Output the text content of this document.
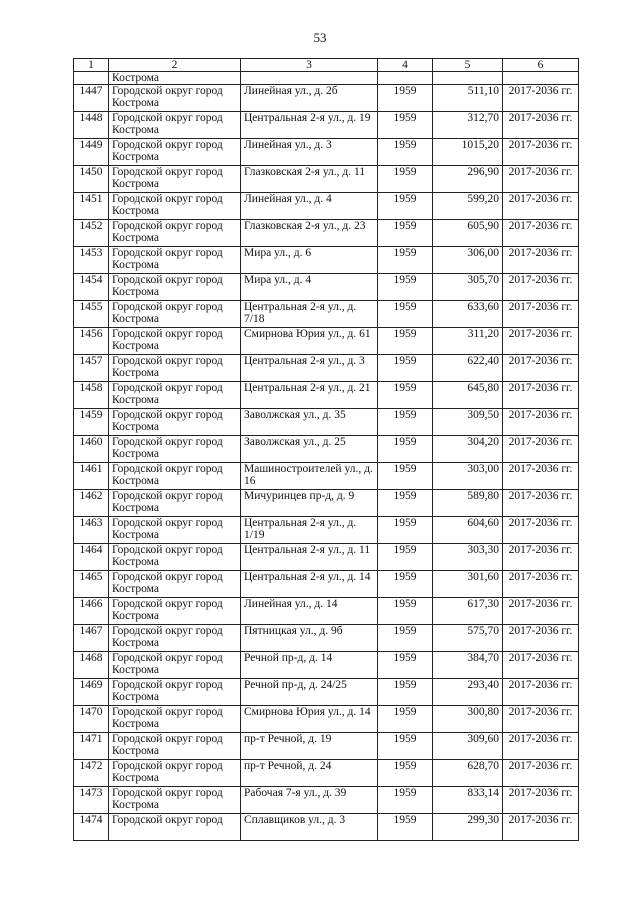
53
1	2	3	4	5	6
	Кострома				
1447	Городской округ город Кострома	Линейная ул., д. 2б	1959	511,10	2017-2036 гг.
1448	Городской округ город Кострома	Центральная 2-я ул., д. 19	1959	312,70	2017-2036 гг.
1449	Городской округ город Кострома	Линейная ул., д. 3	1959	1015,20	2017-2036 гг.
1450	Городской округ город Кострома	Глазковская 2-я ул., д. 11	1959	296,90	2017-2036 гг.
1451	Городской округ город Кострома	Линейная ул., д. 4	1959	599,20	2017-2036 гг.
1452	Городской округ город Кострома	Глазковская 2-я ул., д. 23	1959	605,90	2017-2036 гг.
1453	Городской округ город Кострома	Мира ул., д. 6	1959	306,00	2017-2036 гг.
1454	Городской округ город Кострома	Мира ул., д. 4	1959	305,70	2017-2036 гг.
1455	Городской округ город Кострома	Центральная 2-я ул., д. 7/18	1959	633,60	2017-2036 гг.
1456	Городской округ город Кострома	Смирнова Юрия ул., д. 61	1959	311,20	2017-2036 гг.
1457	Городской округ город Кострома	Центральная 2-я ул., д. 3	1959	622,40	2017-2036 гг.
1458	Городской округ город Кострома	Центральная 2-я ул., д. 21	1959	645,80	2017-2036 гг.
1459	Городской округ город Кострома	Заволжская ул., д. 35	1959	309,50	2017-2036 гг.
1460	Городской округ город Кострома	Заволжская ул., д. 25	1959	304,20	2017-2036 гг.
1461	Городской округ город Кострома	Машиностроителей ул., д. 16	1959	303,00	2017-2036 гг.
1462	Городской округ город Кострома	Мичуринцев пр-д, д. 9	1959	589,80	2017-2036 гг.
1463	Городской округ город Кострома	Центральная 2-я ул., д. 1/19	1959	604,60	2017-2036 гг.
1464	Городской округ город Кострома	Центральная 2-я ул., д. 11	1959	303,30	2017-2036 гг.
1465	Городской округ город Кострома	Центральная 2-я ул., д. 14	1959	301,60	2017-2036 гг.
1466	Городской округ город Кострома	Линейная ул., д. 14	1959	617,30	2017-2036 гг.
1467	Городской округ город Кострома	Пятницкая ул., д. 9б	1959	575,70	2017-2036 гг.
1468	Городской округ город Кострома	Речной пр-д, д. 14	1959	384,70	2017-2036 гг.
1469	Городской округ город Кострома	Речной пр-д, д. 24/25	1959	293,40	2017-2036 гг.
1470	Городской округ город Кострома	Смирнова Юрия ул., д. 14	1959	300,80	2017-2036 гг.
1471	Городской округ город Кострома	пр-т Речной, д. 19	1959	309,60	2017-2036 гг.
1472	Городской округ город Кострома	пр-т Речной, д. 24	1959	628,70	2017-2036 гг.
1473	Городской округ город Кострома	Рабочая 7-я ул., д. 39	1959	833,14	2017-2036 гг.
1474	Городской округ город	Сплавщиков ул., д. 3	1959	299,30	2017-2036 гг.
